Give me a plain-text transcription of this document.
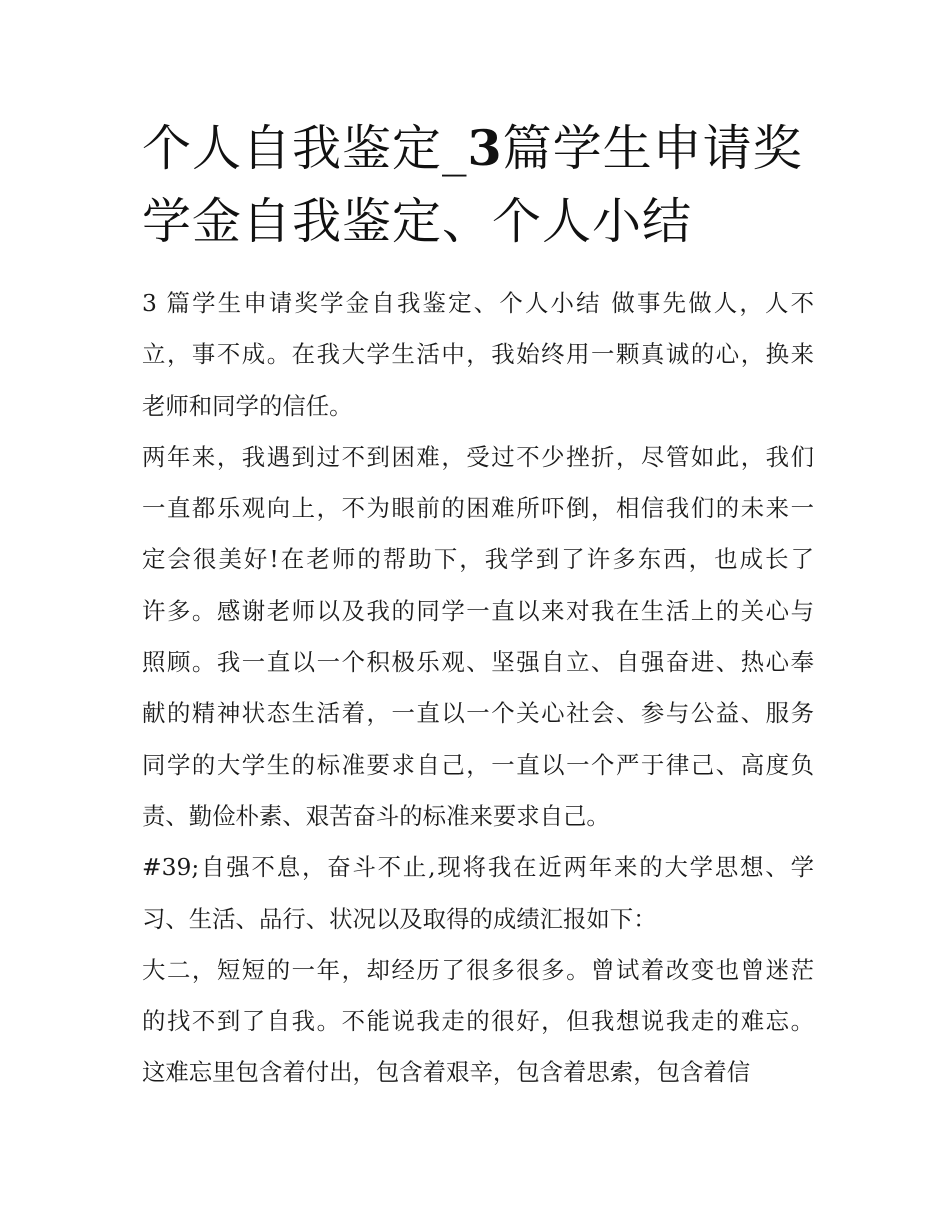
个人自我鉴定_3篇学生申请奖
学金自我鉴定、个人小结

3 篇学生申请奖学金自我鉴定、个人小结 做事先做人，人不
立，事不成。在我大学生活中，我始终用一颗真诚的心，换来
老师和同学的信任。

两年来，我遇到过不到困难，受过不少挫折，尽管如此，我们
一直都乐观向上，不为眼前的困难所吓倒，相信我们的未来一
定会很美好!在老师的帮助下，我学到了许多东西，也成长了
许多。感谢老师以及我的同学一直以来对我在生活上的关心与
照顾。我一直以一个积极乐观、坚强自立、自强奋进、热心奉
献的精神状态生活着，一直以一个关心社会、参与公益、服务
同学的大学生的标准要求自己，一直以一个严于律己、高度负
责、勤俭朴素、艰苦奋斗的标准来要求自己。

#39;自强不息，奋斗不止,现将我在近两年来的大学思想、学
习、生活、品行、状况以及取得的成绩汇报如下：

大二，短短的一年，却经历了很多很多。曾试着改变也曾迷茫
的找不到了自我。不能说我走的很好，但我想说我走的难忘。
这难忘里包含着付出，包含着艰辛，包含着思索，包含着信
